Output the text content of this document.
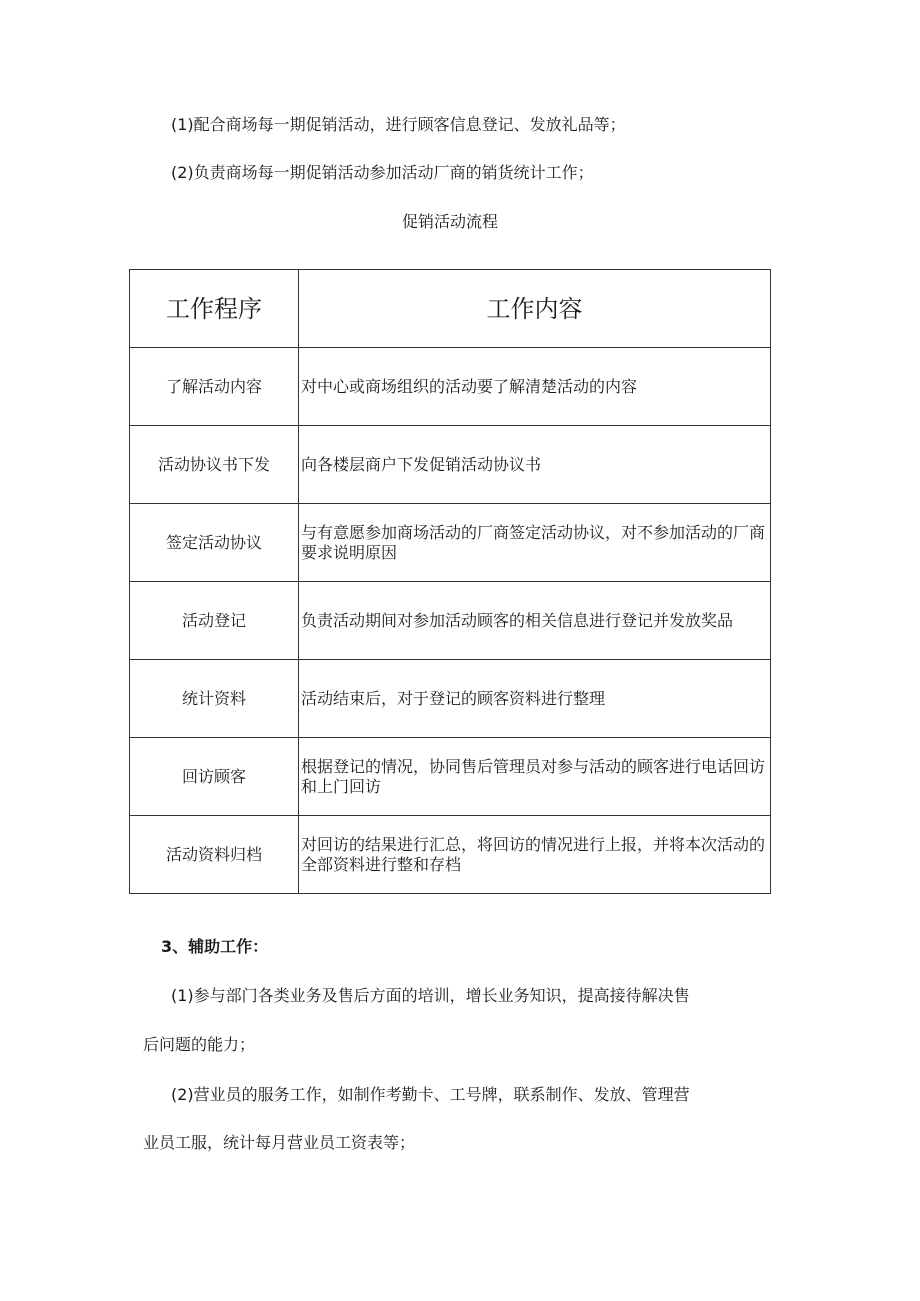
(1)配合商场每一期促销活动，进行顾客信息登记、发放礼品等；
(2)负责商场每一期促销活动参加活动厂商的销货统计工作；
促销活动流程
工作程序	工作内容
了解活动内容	对中心或商场组织的活动要了解清楚活动的内容
活动协议书下发	向各楼层商户下发促销活动协议书
签定活动协议	与有意愿参加商场活动的厂商签定活动协议，对不参加活动的厂商要求说明原因
活动登记	负责活动期间对参加活动顾客的相关信息进行登记并发放奖品
统计资料	活动结束后，对于登记的顾客资料进行整理
回访顾客	根据登记的情况，协同售后管理员对参与活动的顾客进行电话回访和上门回访
活动资料归档	对回访的结果进行汇总，将回访的情况进行上报，并将本次活动的全部资料进行整和存档
3、辅助工作：
(1)参与部门各类业务及售后方面的培训，增长业务知识，提高接待解决售
后问题的能力；
(2)营业员的服务工作，如制作考勤卡、工号牌，联系制作、发放、管理营
业员工服，统计每月营业员工资表等；
